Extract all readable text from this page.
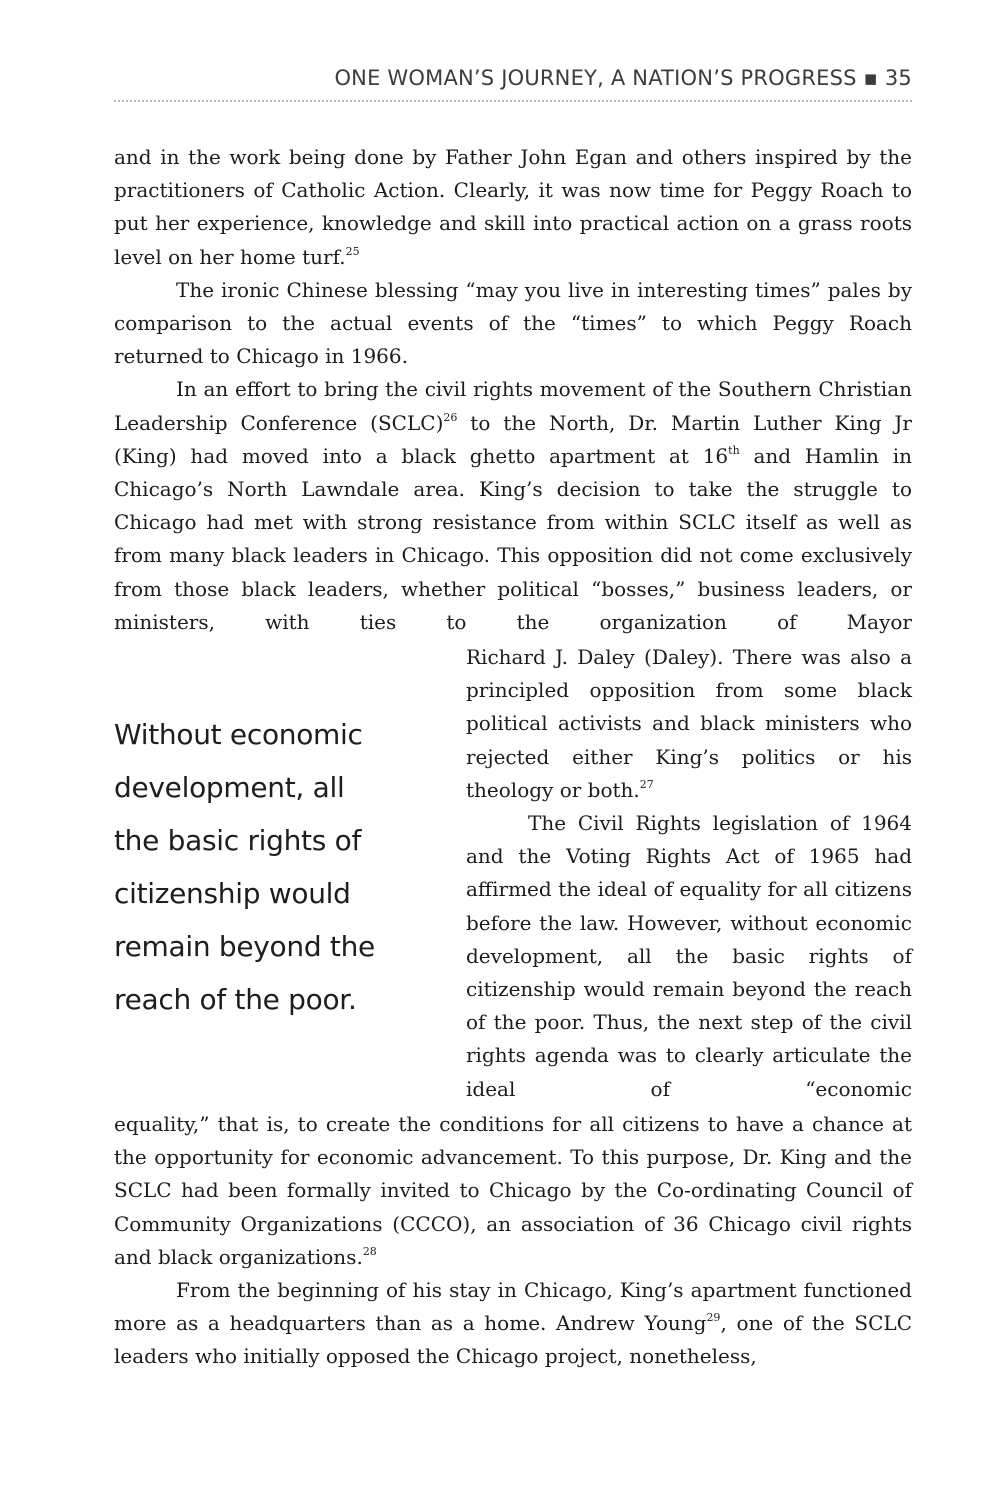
ONE WOMAN’S JOURNEY, A NATION’S PROGRESS ▪ 35

and in the work being done by Father John Egan and others inspired by the practitioners of Catholic Action. Clearly, it was now time for Peggy Roach to put her experience, knowledge and skill into practical action on a grass roots level on her home turf.$^{25}$

The ironic Chinese blessing “may you live in interesting times” pales by comparison to the actual events of the “times” to which Peggy Roach returned to Chicago in 1966.

In an effort to bring the civil rights movement of the Southern Christian Leadership Conference (SCLC)$^{26}$ to the North, Dr. Martin Luther King Jr (King) had moved into a black ghetto apartment at 16th and Hamlin in Chicago’s North Lawndale area. King’s decision to take the struggle to Chicago had met with strong resistance from within SCLC itself as well as from many black leaders in Chicago. This opposition did not come exclusively from those black leaders, whether political “bosses,” business leaders, or ministers, with ties to the organization of Mayor

Without economic
development, all
the basic rights of
citizenship would
remain beyond the
reach of the poor.

Richard J. Daley (Daley). There was also a principled opposition from some black political activists and black ministers who rejected either King’s politics or his theology or both.$^{27}$

The Civil Rights legislation of 1964 and the Voting Rights Act of 1965 had affirmed the ideal of equality for all citizens before the law. However, without economic development, all the basic rights of citizenship would remain beyond the reach of the poor. Thus, the next step of the civil rights agenda was to clearly articulate the ideal of “economic

equality,” that is, to create the conditions for all citizens to have a chance at the opportunity for economic advancement. To this purpose, Dr. King and the SCLC had been formally invited to Chicago by the Co-ordinating Council of Community Organizations (CCCO), an association of 36 Chicago civil rights and black organizations.$^{28}$

From the beginning of his stay in Chicago, King’s apartment functioned more as a headquarters than as a home. Andrew Young$^{29}$, one of the SCLC leaders who initially opposed the Chicago project, nonetheless,
